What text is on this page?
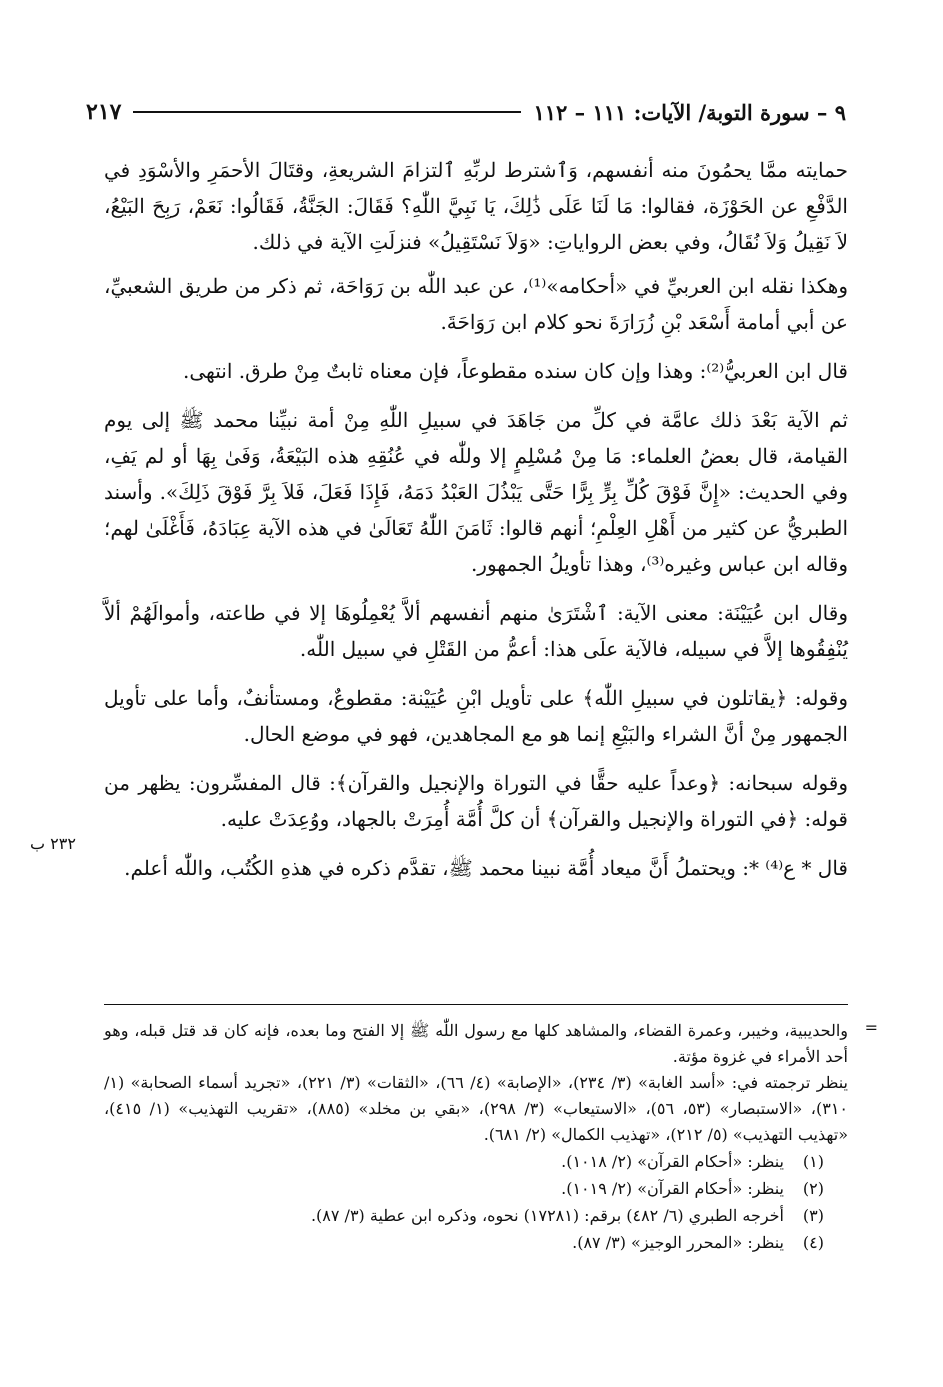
٩ – سورة التوبة/ الآيات: ١١١ – ١١٢
٢١٧

حمايته ممَّا يحمُونَ منه أنفسهم، وَٱشترط لربِّهِ ٱلتزامَ الشريعةِ، وقتَالَ الأحمَرِ والأسْوَدِ في الدَّفْعِ عن الحَوْزَة، فقالوا: مَا لَنَا عَلَى ذَٰلِكَ، يَا نَبِيَّ اللّٰهِ؟ فَقَالَ: الجَنَّةُ، فَقَالُوا: نَعَمْ، رَبِحَ البَيْعُ، لاَ نَقِيلُ وَلاَ نُقَالُ، وفي بعض الرواياتِ: «وَلاَ نَسْتَقِيلُ» فنزلَتِ الآية في ذلك.

وهكذا نقله ابن العربيِّ في «أحكامه»⁽¹⁾، عن عبد اللّٰه بن رَوَاحَة، ثم ذكر من طريق الشعبيِّ، عن أبي أمامة أَسْعَد بْنِ زُرَارَةَ نحو كلام ابن رَوَاحَةَ.

قال ابن العربيُّ⁽²⁾: وهذا وإن كان سنده مقطوعاً، فإن معناه ثابتٌ مِنْ طرق. انتهى.

ثم الآية بَعْدَ ذلك عامَّة في كلِّ من جَاهَدَ في سبيلِ اللّٰهِ مِنْ أمة نبيِّنا محمد ﷺ إلى يوم القيامة، قال بعضُ العلماء: مَا مِنْ مُسْلِمٍ إلا وللّٰه في عُنُقِهِ هذه البَيْعَةُ، وَفَىٰ بِهَا أو لم يَفِ، وفي الحديث: «إِنَّ فَوْقَ كُلِّ بِرٍّ بِرًّا حَتَّى يَبْذُلَ العَبْدُ دَمَهُ، فَإِذَا فَعَلَ، فَلاَ بِرَّ فَوْقَ ذَلِكَ». وأسند الطبريُّ عن كثير من أَهْلِ العِلْمِ؛ أنهم قالوا: ثَامَنَ اللّٰهُ تَعَالَىٰ في هذه الآية عِبَادَهُ، فَأَغْلَىٰ لهم؛ وقاله ابن عباس وغيره⁽³⁾، وهذا تأويلُ الجمهور.

وقال ابن عُيَيْنَة: معنى الآية: ٱشْتَرَىٰ منهم أنفسهم ألاَّ يُعْمِلُوهَا إلا في طاعته، وأموالَهُمْ ألاَّ يُنْفِقُوها إلاَّ في سبيله، فالآية علَى هذا: أعمُّ من القَتْلِ في سبيل اللّٰه.

وقوله: ﴿يقاتلون في سبيلِ اللّٰه﴾ على تأويل ابْنِ عُيَيْنة: مقطوعٌ، ومستأنفٌ، وأما على تأويل الجمهور مِنْ أنَّ الشراء والبَيْعِ إنما هو مع المجاهدين، فهو في موضع الحال.

وقوله سبحانه: ﴿وعداً عليه حقًّا في التوراة والإنجيل والقرآن﴾: قال المفسِّرون: يظهر من قوله: ﴿في التوراة والإنجيل والقرآن﴾ أن كلَّ أُمَّة أُمِرَتْ بالجهاد، ووُعِدَتْ عليه.

قال * ع⁽⁴⁾ *: ويحتملُ أَنَّ ميعاد أُمَّة نبينا محمد ﷺ، تقدَّم ذكره في هذهِ الكُتُب، واللّٰه أعلم.

٢٣٢ ب
=

والحديبية، وخيبر، وعمرة القضاء، والمشاهد كلها مع رسول اللّٰه ﷺ إلا الفتح وما بعده، فإنه كان قد قتل قبله، وهو أحد الأمراء في غزوة مؤتة.

ينظر ترجمته في: «أسد الغابة» (٣/ ٢٣٤)، «الإصابة» (٤/ ٦٦)، «الثقات» (٣/ ٢٢١)، «تجريد أسماء الصحابة» (١/ ٣١٠)، «الاستبصار» (٥٣، ٥٦)، «الاستيعاب» (٣/ ٢٩٨)، «بقي بن مخلد» (٨٨٥)، «تقريب التهذيب» (١/ ٤١٥)، «تهذيب التهذيب» (٥/ ٢١٢)، «تهذيب الكمال» (٢/ ٦٨١).

(١)
ينظر: «أحكام القرآن» (٢/ ١٠١٨).
(٢)
ينظر: «أحكام القرآن» (٢/ ١٠١٩).
(٣)
أخرجه الطبري (٦/ ٤٨٢) برقم: (١٧٢٨١) نحوه، وذكره ابن عطية (٣/ ٨٧).
(٤)
ينظر: «المحرر الوجيز» (٣/ ٨٧).
